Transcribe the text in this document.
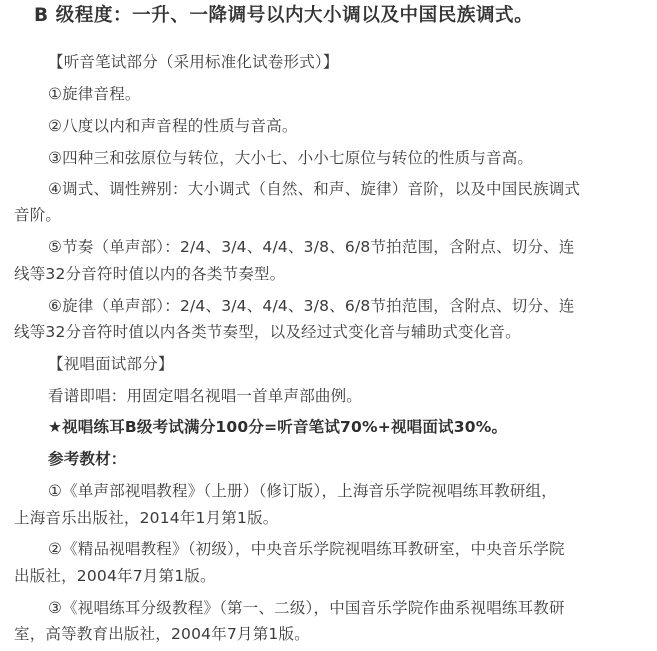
B 级程度：一升、一降调号以内大小调以及中国民族调式。
【听音笔试部分（采用标准化试卷形式）】
①旋律音程。
②八度以内和声音程的性质与音高。
③四种三和弦原位与转位，大小七、小小七原位与转位的性质与音高。
④调式、调性辨别：大小调式（自然、和声、旋律）音阶，以及中国民族调式
音阶。
⑤节奏（单声部）：2/4、3/4、4/4、3/8、6/8节拍范围，含附点、切分、连
线等32分音符时值以内的各类节奏型。
⑥旋律（单声部）：2/4、3/4、4/4、3/8、6/8节拍范围，含附点、切分、连
线等32分音符时值以内各类节奏型，以及经过式变化音与辅助式变化音。
【视唱面试部分】
看谱即唱：用固定唱名视唱一首单声部曲例。
★视唱练耳B级考试满分100分=听音笔试70%+视唱面试30%。
参考教材：
①《单声部视唱教程》（上册）（修订版），上海音乐学院视唱练耳教研组，
上海音乐出版社，2014年1月第1版。
②《精品视唱教程》（初级），中央音乐学院视唱练耳教研室，中央音乐学院
出版社，2004年7月第1版。
③《视唱练耳分级教程》（第一、二级），中国音乐学院作曲系视唱练耳教研
室，高等教育出版社，2004年7月第1版。
